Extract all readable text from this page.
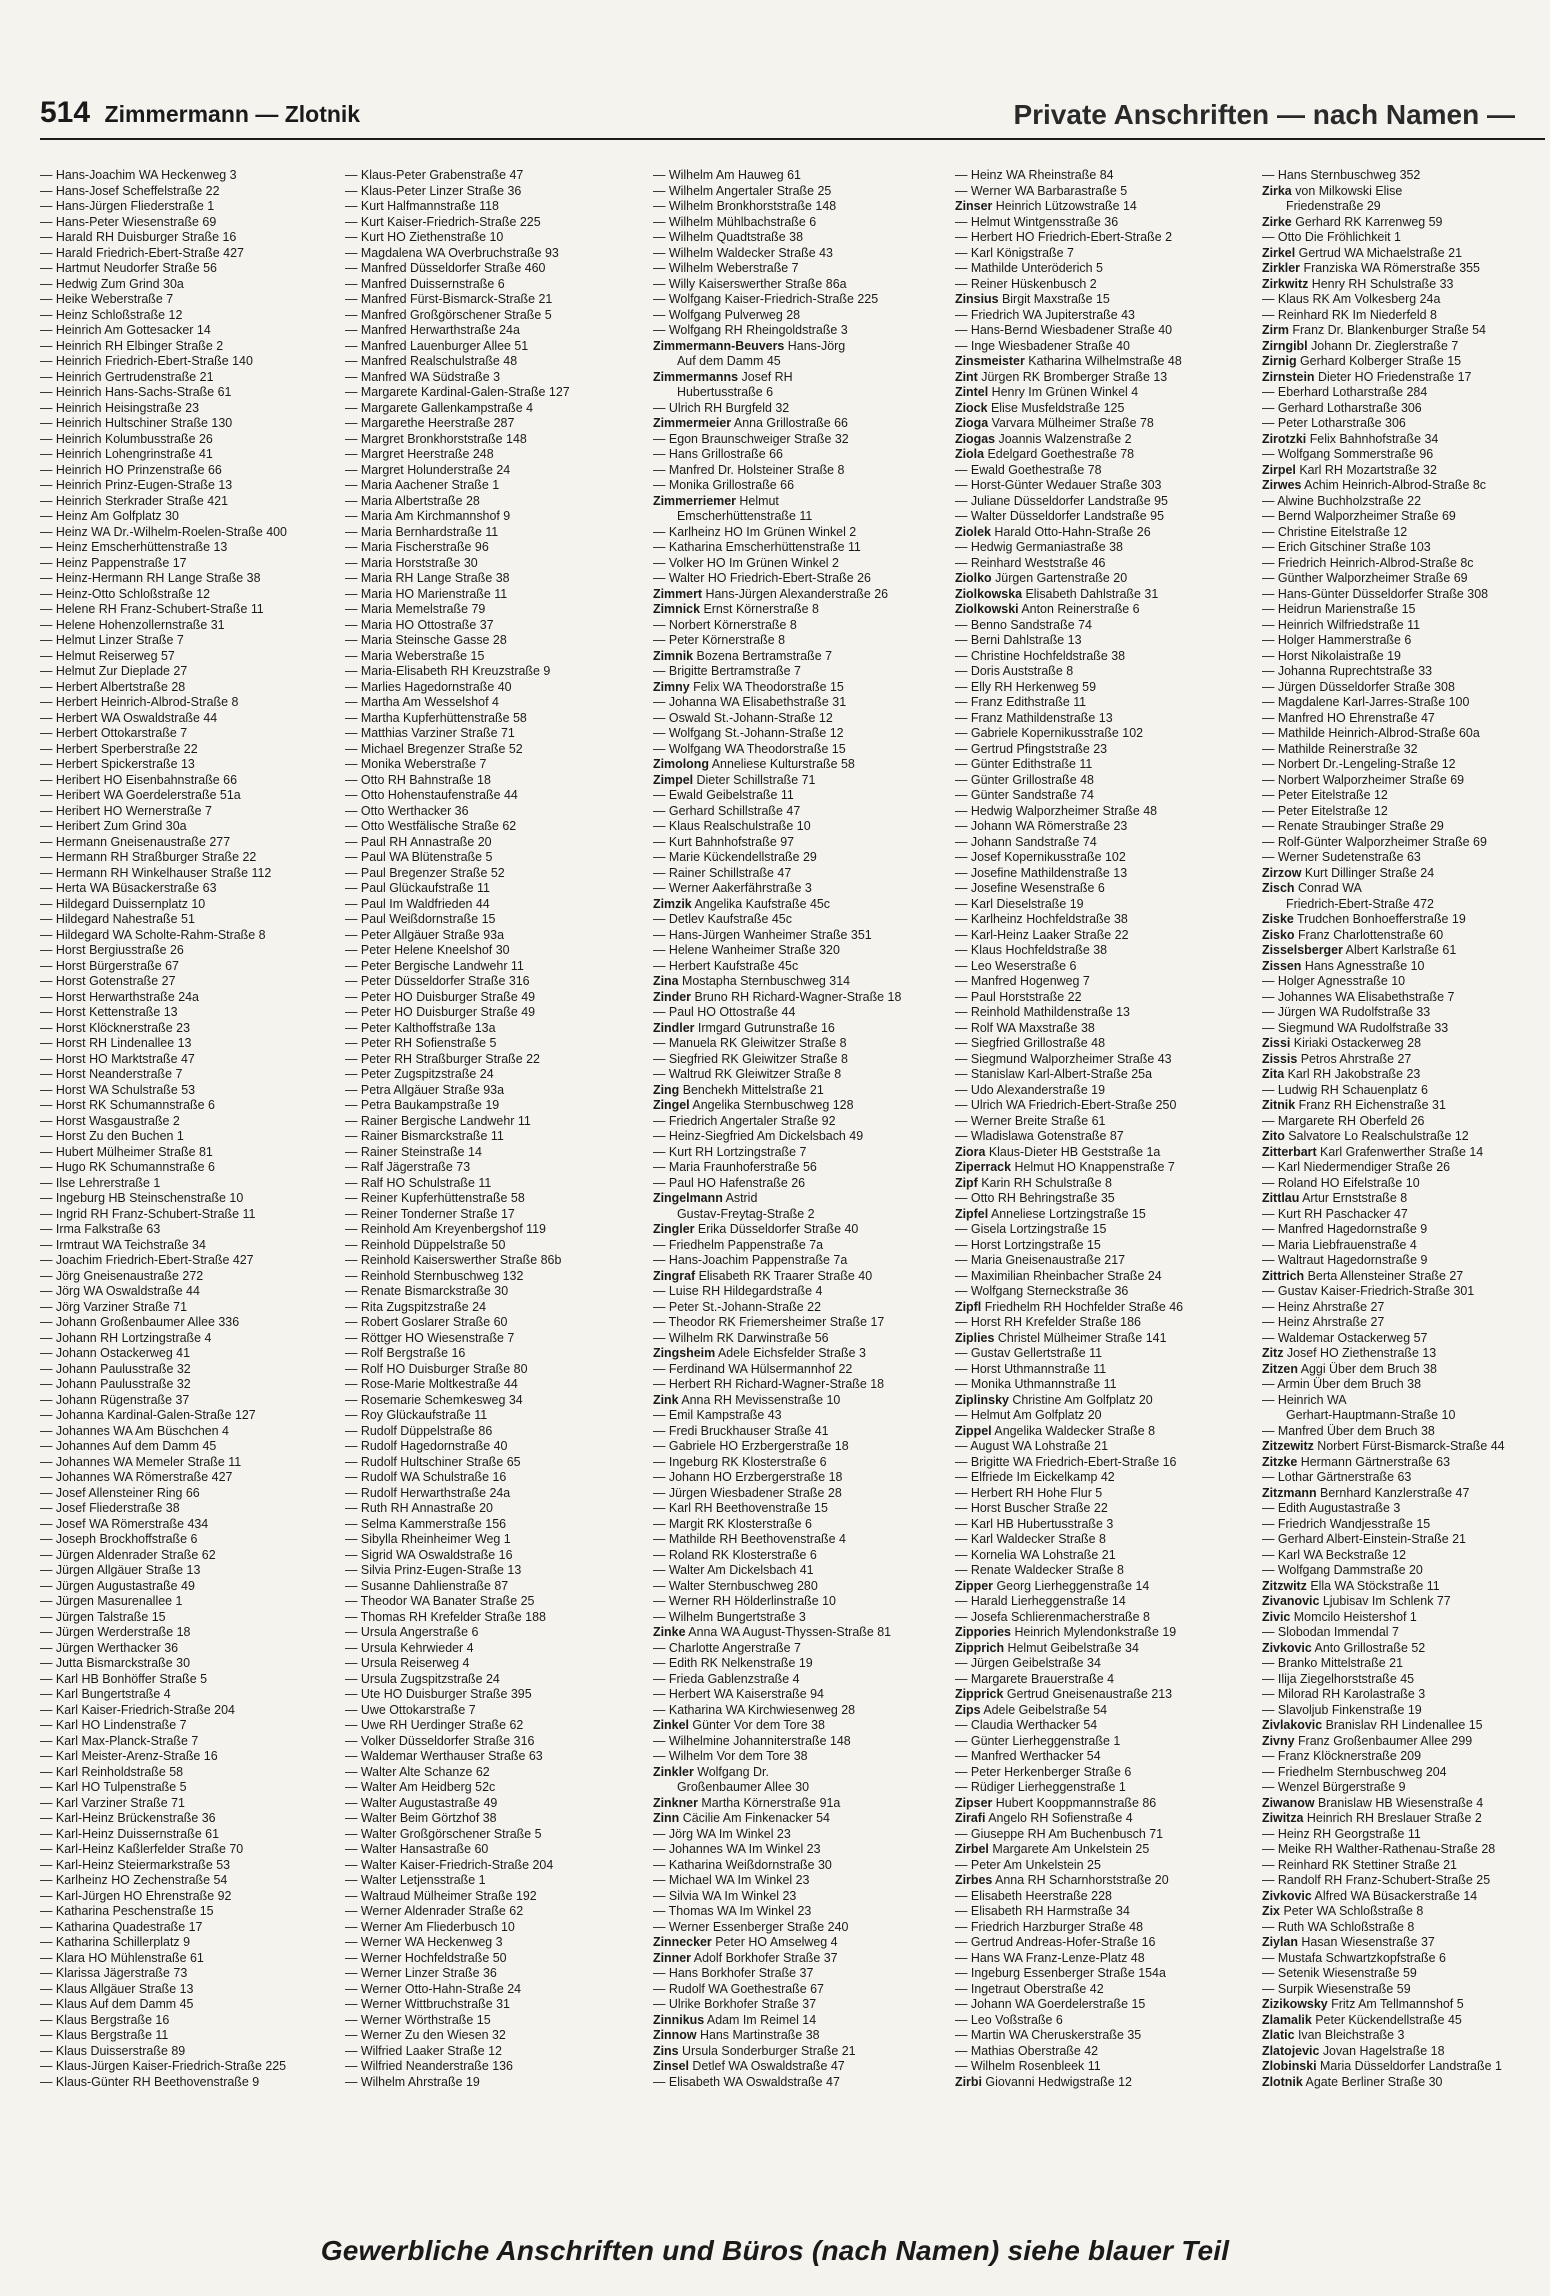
514 Zimmermann — Zlotnik	Private Anschriften — nach Namen —
— Hans-Joachim WA Heckenweg 3
— Hans-Josef Scheffelstraße 22
— Hans-Jürgen Fliederstraße 1
— Hans-Peter Wiesenstraße 69
— Harald RH Duisburger Straße 16
— Harald Friedrich-Ebert-Straße 427
— Hartmut Neudorfer Straße 56
— Hedwig Zum Grind 30a
— Heike Weberstraße 7
— Heinz Schloßstraße 12
— Heinrich Am Gottesacker 14
— Heinrich RH Elbinger Straße 2
— Heinrich Friedrich-Ebert-Straße 140
— Heinrich Gertrudenstraße 21
— Heinrich Hans-Sachs-Straße 61
— Heinrich Heisingstraße 23
— Heinrich Hultschiner Straße 130
— Heinrich Kolumbusstraße 26
— Heinrich Lohengrinstraße 41
— Heinrich HO Prinzenstraße 66
— Heinrich Prinz-Eugen-Straße 13
— Heinrich Sterkrader Straße 421
— Heinz Am Golfplatz 30
— Heinz WA Dr.-Wilhelm-Roelen-Straße 400
— Heinz Emscherhüttenstraße 13
— Heinz Pappenstraße 17
— Heinz-Hermann RH Lange Straße 38
— Heinz-Otto Schloßstraße 12
— Helene RH Franz-Schubert-Straße 11
— Helene Hohenzollernstraße 31
— Helmut Linzer Straße 7
— Helmut Reiserweg 57
— Helmut Zur Dieplade 27
— Herbert Albertstraße 28
— Herbert Heinrich-Albrod-Straße 8
— Herbert WA Oswaldstraße 44
— Herbert Ottokarstraße 7
— Herbert Sperberstraße 22
— Herbert Spickerstraße 13
— Heribert HO Eisenbahnstraße 66
— Heribert WA Goerdelerstraße 51a
— Heribert HO Wernerstraße 7
— Heribert Zum Grind 30a
— Hermann Gneisenaustraße 277
— Hermann RH Straßburger Straße 22
— Hermann RH Winkelhauser Straße 112
— Herta WA Büsackerstraße 63
— Hildegard Duissernplatz 10
— Hildegard Nahestraße 51
— Hildegard WA Scholte-Rahm-Straße 8
— Horst Bergiusstraße 26
— Horst Bürgerstraße 67
— Horst Gotenstraße 27
— Horst Herwarthstraße 24a
— Horst Kettenstraße 13
— Horst Klöcknerstraße 23
— Horst RH Lindenallee 13
— Horst HO Marktstraße 47
— Horst Neanderstraße 7
— Horst WA Schulstraße 53
— Horst RK Schumannstraße 6
— Horst Wasgaustraße 2
— Horst Zu den Buchen 1
— Hubert Mülheimer Straße 81
— Hugo RK Schumannstraße 6
— Ilse Lehrerstraße 1
— Ingeburg HB Steinschenstraße 10
— Ingrid RH Franz-Schubert-Straße 11
— Irma Falkstraße 63
— Irmtraut WA Teichstraße 34
— Joachim Friedrich-Ebert-Straße 427
— Jörg Gneisenaustraße 272
— Jörg WA Oswaldstraße 44
— Jörg Varziner Straße 71
— Johann Großenbaumer Allee 336
— Johann RH Lortzingstraße 4
— Johann Ostackerweg 41
— Johann Paulusstraße 32
— Johann Paulusstraße 32
— Johann Rügenstraße 37
— Johanna Kardinal-Galen-Straße 127
— Johannes WA Am Büschchen 4
— Johannes Auf dem Damm 45
— Johannes WA Memeler Straße 11
— Johannes WA Römerstraße 427
— Josef Allensteiner Ring 66
— Josef Fliederstraße 38
— Josef WA Römerstraße 434
— Joseph Brockhoffstraße 6
— Jürgen Aldenrader Straße 62
— Jürgen Allgäuer Straße 13
— Jürgen Augustastraße 49
— Jürgen Masurenallee 1
— Jürgen Talstraße 15
— Jürgen Werderstraße 18
— Jürgen Werthacker 36
— Jutta Bismarckstraße 30
— Karl HB Bonhöffer Straße 5
— Karl Bungertstraße 4
— Karl Kaiser-Friedrich-Straße 204
— Karl HO Lindenstraße 7
— Karl Max-Planck-Straße 7
— Karl Meister-Arenz-Straße 16
— Karl Reinholdstraße 58
— Karl HO Tulpenstraße 5
— Karl Varziner Straße 71
— Karl-Heinz Brückenstraße 36
— Karl-Heinz Duissernstraße 61
— Karl-Heinz Kaßlerfelder Straße 70
— Karl-Heinz Steiermarkstraße 53
— Karlheinz HO Zechenstraße 54
— Karl-Jürgen HO Ehrenstraße 92
— Katharina Peschenstraße 15
— Katharina Quadestraße 17
— Katharina Schillerplatz 9
— Klara HO Mühlenstraße 61
— Klarissa Jägerstraße 73
— Klaus Allgäuer Straße 13
— Klaus Auf dem Damm 45
— Klaus Bergstraße 16
— Klaus Bergstraße 11
— Klaus Duisserstraße 89
— Klaus-Jürgen Kaiser-Friedrich-Straße 225
— Klaus-Günter RH Beethovenstraße 9
— Klaus-Peter Grabenstraße 47
— Klaus-Peter Linzer Straße 36
— Kurt Halfmannstraße 118
— Kurt Kaiser-Friedrich-Straße 225
— Kurt HO Ziethenstraße 10
— Magdalena WA Overbruchstraße 93
— Manfred Düsseldorfer Straße 460
— Manfred Duissernstraße 6
— Manfred Fürst-Bismarck-Straße 21
— Manfred Großgörschener Straße 5
— Manfred Herwarthstraße 24a
— Manfred Lauenburger Allee 51
— Manfred Realschulstraße 48
— Manfred WA Südstraße 3
— Margarete Kardinal-Galen-Straße 127
— Margarete Gallenkampstraße 4
— Margarethe Heerstraße 287
— Margret Bronkhorststraße 148
— Margret Heerstraße 248
— Margret Holunderstraße 24
— Maria Aachener Straße 1
— Maria Albertstraße 28
— Maria Am Kirchmannshof 9
— Maria Bernhardstraße 11
— Maria Fischerstraße 96
— Maria Horststraße 30
— Maria RH Lange Straße 38
— Maria HO Marienstraße 11
— Maria Memelstraße 79
— Maria HO Ottostraße 37
— Maria Steinsche Gasse 28
— Maria Weberstraße 15
— Maria-Elisabeth RH Kreuzstraße 9
— Marlies Hagedornstraße 40
— Martha Am Wesselshof 4
— Martha Kupferhüttenstraße 58
— Matthias Varziner Straße 71
— Michael Bregenzer Straße 52
— Monika Weberstraße 7
— Otto RH Bahnstraße 18
— Otto Hohenstaufenstraße 44
— Otto Werthacker 36
— Otto Westfälische Straße 62
— Paul RH Annastraße 20
— Paul WA Blütenstraße 5
— Paul Bregenzer Straße 52
— Paul Glückaufstraße 11
— Paul Im Waldfrieden 44
— Paul Weißdornstraße 15
— Peter Allgäuer Straße 93a
— Peter Helene Kneelshof 30
— Peter Bergische Landwehr 11
— Peter Düsseldorfer Straße 316
— Peter HO Duisburger Straße 49
— Peter HO Duisburger Straße 49
— Peter Kalthoffstraße 13a
— Peter RH Sofienstraße 5
— Peter RH Straßburger Straße 22
— Peter Zugspitzstraße 24
— Petra Allgäuer Straße 93a
— Petra Baukampstraße 19
— Rainer Bergische Landwehr 11
— Rainer Bismarckstraße 11
— Rainer Steinstraße 14
— Ralf Jägerstraße 73
— Ralf HO Schulstraße 11
— Reiner Kupferhüttenstraße 58
— Reiner Tonderner Straße 17
— Reinhold Am Kreyenbergshof 119
— Reinhold Düppelstraße 50
— Reinhold Kaiserswerther Straße 86b
— Reinhold Sternbuschweg 132
— Renate Bismarckstraße 30
— Rita Zugspitzstraße 24
— Robert Goslarer Straße 60
— Röttger HO Wiesenstraße 7
— Rolf Bergstraße 16
— Rolf HO Duisburger Straße 80
— Rose-Marie Moltkestraße 44
— Rosemarie Schemkesweg 34
— Roy Glückaufstraße 11
— Rudolf Düppelstraße 86
— Rudolf Hagedornstraße 40
— Rudolf Hultschiner Straße 65
— Rudolf WA Schulstraße 16
— Rudolf Herwarthstraße 24a
— Ruth RH Annastraße 20
— Selma Kammerstraße 156
— Sibylla Rheinheimer Weg 1
— Sigrid WA Oswaldstraße 16
— Silvia Prinz-Eugen-Straße 13
— Susanne Dahlienstraße 87
— Theodor WA Banater Straße 25
— Thomas RH Krefelder Straße 188
— Ursula Angerstraße 6
— Ursula Kehrwieder 4
— Ursula Reiserweg 4
— Ursula Zugspitzstraße 24
— Ute HO Duisburger Straße 395
— Uwe Ottokarstraße 7
— Uwe RH Uerdinger Straße 62
— Volker Düsseldorfer Straße 316
— Waldemar Werthauser Straße 63
— Walter Alte Schanze 62
— Walter Am Heidberg 52c
— Walter Augustastraße 49
— Walter Beim Görtzhof 38
— Walter Großgörschener Straße 5
— Walter Hansastraße 60
— Walter Kaiser-Friedrich-Straße 204
— Walter Letjensstraße 1
— Waltraud Mülheimer Straße 192
— Werner Aldenrader Straße 62
— Werner Am Fliederbusch 10
— Werner WA Heckenweg 3
— Werner Hochfeldstraße 50
— Werner Linzer Straße 36
— Werner Otto-Hahn-Straße 24
— Werner Wittbruchstraße 31
— Werner Wörthstraße 15
— Werner Zu den Wiesen 32
— Wilfried Laaker Straße 12
— Wilfried Neanderstraße 136
— Wilhelm Ahrstraße 19
— Wilhelm Am Hauweg 61
— Wilhelm Angertaler Straße 25
— Wilhelm Bronkhorststraße 148
— Wilhelm Mühlbachstraße 6
— Wilhelm Quadtstraße 38
— Wilhelm Waldecker Straße 43
— Wilhelm Weberstraße 7
— Willy Kaiserswerther Straße 86a
— Wolfgang Kaiser-Friedrich-Straße 225
— Wolfgang Pulverweg 28
— Wolfgang RH Rheingoldstraße 3
Zimmermann-Beuvers Hans-Jörg
Auf dem Damm 45
Zimmermanns Josef RH
Hubertusstraße 6
— Ulrich RH Burgfeld 32
Zimmermeier Anna Grillostraße 66
— Egon Braunschweiger Straße 32
— Hans Grillostraße 66
— Manfred Dr. Holsteiner Straße 8
— Monika Grillostraße 66
Zimmerriemer Helmut
Emscherhüttenstraße 11
— Karlheinz HO Im Grünen Winkel 2
— Katharina Emscherhüttenstraße 11
— Volker HO Im Grünen Winkel 2
— Walter HO Friedrich-Ebert-Straße 26
Zimmert Hans-Jürgen Alexanderstraße 26
Zimnick Ernst Körnerstraße 8
— Norbert Körnerstraße 8
— Peter Körnerstraße 8
Zimnik Bozena Bertramstraße 7
— Brigitte Bertramstraße 7
Zimny Felix WA Theodorstraße 15
— Johanna WA Elisabethstraße 31
— Oswald St.-Johann-Straße 12
— Wolfgang St.-Johann-Straße 12
— Wolfgang WA Theodorstraße 15
Zimolong Anneliese Kulturstraße 58
Zimpel Dieter Schillstraße 71
— Ewald Geibelstraße 11
— Gerhard Schillstraße 47
— Klaus Realschulstraße 10
— Kurt Bahnhofstraße 97
— Marie Kückendellstraße 29
— Rainer Schillstraße 47
— Werner Aakerfährstraße 3
Zimzik Angelika Kaufstraße 45c
— Detlev Kaufstraße 45c
— Hans-Jürgen Wanheimer Straße 351
— Helene Wanheimer Straße 320
— Herbert Kaufstraße 45c
Zina Mostapha Sternbuschweg 314
Zinder Bruno RH Richard-Wagner-Straße 18
— Paul HO Ottostraße 44
Zindler Irmgard Gutrunstraße 16
— Manuela RK Gleiwitzer Straße 8
— Siegfried RK Gleiwitzer Straße 8
— Waltrud RK Gleiwitzer Straße 8
Zing Benchekh Mittelstraße 21
Zingel Angelika Sternbuschweg 128
— Friedrich Angertaler Straße 92
— Heinz-Siegfried Am Dickelsbach 49
— Kurt RH Lortzingstraße 7
— Maria Fraunhoferstraße 56
— Paul HO Hafenstraße 26
Zingelmann Astrid
Gustav-Freytag-Straße 2
Zingler Erika Düsseldorfer Straße 40
— Friedhelm Pappenstraße 7a
— Hans-Joachim Pappenstraße 7a
Zingraf Elisabeth RK Traarer Straße 40
— Luise RH Hildegardstraße 4
— Peter St.-Johann-Straße 22
— Theodor RK Friemersheimer Straße 17
— Wilhelm RK Darwinstraße 56
Zingsheim Adele Eichsfelder Straße 3
— Ferdinand WA Hülsermannhof 22
— Herbert RH Richard-Wagner-Straße 18
Zink Anna RH Mevissenstraße 10
— Emil Kampstraße 43
— Fredi Bruckhauser Straße 41
— Gabriele HO Erzbergerstraße 18
— Ingeburg RK Klosterstraße 6
— Johann HO Erzbergerstraße 18
— Jürgen Wiesbadener Straße 28
— Karl RH Beethovenstraße 15
— Margit RK Klosterstraße 6
— Mathilde RH Beethovenstraße 4
— Roland RK Klosterstraße 6
— Walter Am Dickelsbach 41
— Walter Sternbuschweg 280
— Werner RH Hölderlinstraße 10
— Wilhelm Bungertstraße 3
Zinke Anna WA August-Thyssen-Straße 81
— Charlotte Angerstraße 7
— Edith RK Nelkenstraße 19
— Frieda Gablenzstraße 4
— Herbert WA Kaiserstraße 94
— Katharina WA Kirchwiesenweg 28
Zinkel Günter Vor dem Tore 38
— Wilhelmine Johanniterstraße 148
— Wilhelm Vor dem Tore 38
Zinkler Wolfgang Dr.
Großenbaumer Allee 30
Zinkner Martha Körnerstraße 91a
Zinn Cäcilie Am Finkenacker 54
— Jörg WA Im Winkel 23
— Johannes WA Im Winkel 23
— Katharina Weißdornstraße 30
— Michael WA Im Winkel 23
— Silvia WA Im Winkel 23
— Thomas WA Im Winkel 23
— Werner Essenberger Straße 240
Zinnecker Peter HO Amselweg 4
Zinner Adolf Borkhofer Straße 37
— Hans Borkhofer Straße 37
— Rudolf WA Goethestraße 67
— Ulrike Borkhofer Straße 37
Zinnikus Adam Im Reimel 14
Zinnow Hans Martinstraße 38
Zins Ursula Sonderburger Straße 21
Zinsel Detlef WA Oswaldstraße 47
— Elisabeth WA Oswaldstraße 47
— Heinz WA Rheinstraße 84
— Werner WA Barbarastraße 5
Zinser Heinrich Lützowstraße 14
— Helmut Wintgensstraße 36
— Herbert HO Friedrich-Ebert-Straße 2
— Karl Königstraße 7
— Mathilde Unteröderich 5
— Reiner Hüskenbusch 2
Zinsius Birgit Maxstraße 15
— Friedrich WA Jupiterstraße 43
— Hans-Bernd Wiesbadener Straße 40
— Inge Wiesbadener Straße 40
Zinsmeister Katharina Wilhelmstraße 48
Zint Jürgen RK Bromberger Straße 13
Zintel Henry Im Grünen Winkel 4
Ziock Elise Musfeldstraße 125
Zioga Varvara Mülheimer Straße 78
Ziogas Joannis Walzenstraße 2
Ziola Edelgard Goethestraße 78
— Ewald Goethestraße 78
— Horst-Günter Wedauer Straße 303
— Juliane Düsseldorfer Landstraße 95
— Walter Düsseldorfer Landstraße 95
Ziolek Harald Otto-Hahn-Straße 26
— Hedwig Germaniastraße 38
— Reinhard Weststraße 46
Ziolko Jürgen Gartenstraße 20
Ziolkowska Elisabeth Dahlstraße 31
Ziolkowski Anton Reinerstraße 6
— Benno Sandstraße 74
— Berni Dahlstraße 13
— Christine Hochfeldstraße 38
— Doris Auststraße 8
— Elly RH Herkenweg 59
— Franz Edithstraße 11
— Franz Mathildenstraße 13
— Gabriele Kopernikusstraße 102
— Gertrud Pfingststraße 23
— Günter Edithstraße 11
— Günter Grillostraße 48
— Günter Sandstraße 74
— Hedwig Walporzheimer Straße 48
— Johann WA Römerstraße 23
— Johann Sandstraße 74
— Josef Kopernikusstraße 102
— Josefine Mathildenstraße 13
— Josefine Wesenstraße 6
— Karl Dieselstraße 19
— Karlheinz Hochfeldstraße 38
— Karl-Heinz Laaker Straße 22
— Klaus Hochfeldstraße 38
— Leo Weserstraße 6
— Manfred Hogenweg 7
— Paul Horststraße 22
— Reinhold Mathildenstraße 13
— Rolf WA Maxstraße 38
— Siegfried Grillostraße 48
— Siegmund Walporzheimer Straße 43
— Stanislaw Karl-Albert-Straße 25a
— Udo Alexanderstraße 19
— Ulrich WA Friedrich-Ebert-Straße 250
— Werner Breite Straße 61
— Wladislawa Gotenstraße 87
Ziora Klaus-Dieter HB Geststraße 1a
Ziperrack Helmut HO Knappenstraße 7
Zipf Karin RH Schulstraße 8
— Otto RH Behringstraße 35
Zipfel Anneliese Lortzingstraße 15
— Gisela Lortzingstraße 15
— Horst Lortzingstraße 15
— Maria Gneisenaustraße 217
— Maximilian Rheinbacher Straße 24
— Wolfgang Sterneckstraße 36
Zipfl Friedhelm RH Hochfelder Straße 46
— Horst RH Krefelder Straße 186
Ziplies Christel Mülheimer Straße 141
— Gustav Gellertstraße 11
— Horst Uthmannstraße 11
— Monika Uthmannstraße 11
Ziplinsky Christine Am Golfplatz 20
— Helmut Am Golfplatz 20
Zippel Angelika Waldecker Straße 8
— August WA Lohstraße 21
— Brigitte WA Friedrich-Ebert-Straße 16
— Elfriede Im Eickelkamp 42
— Herbert RH Hohe Flur 5
— Horst Buscher Straße 22
— Karl HB Hubertusstraße 3
— Karl Waldecker Straße 8
— Kornelia WA Lohstraße 21
— Renate Waldecker Straße 8
Zipper Georg Lierheggenstraße 14
— Harald Lierheggenstraße 14
— Josefa Schlierenmacherstraße 8
Zippories Heinrich Mylendonkstraße 19
Zipprich Helmut Geibelstraße 34
— Jürgen Geibelstraße 34
— Margarete Brauerstraße 4
Zipprick Gertrud Gneisenaustraße 213
Zips Adele Geibelstraße 54
— Claudia Werthacker 54
— Günter Lierheggenstraße 1
— Manfred Werthacker 54
— Peter Herkenberger Straße 6
— Rüdiger Lierheggenstraße 1
Zipser Hubert Kooppmannstraße 86
Zirafi Angelo RH Sofienstraße 4
— Giuseppe RH Am Buchenbusch 71
Zirbel Margarete Am Unkelstein 25
— Peter Am Unkelstein 25
Zirbes Anna RH Scharnhorststraße 20
— Elisabeth Heerstraße 228
— Elisabeth RH Harmstraße 34
— Friedrich Harzburger Straße 48
— Gertrud Andreas-Hofer-Straße 16
— Hans WA Franz-Lenze-Platz 48
— Ingeburg Essenberger Straße 154a
— Ingetraut Oberstraße 42
— Johann WA Goerdelerstraße 15
— Leo Voßstraße 6
— Martin WA Cheruskerstraße 35
— Mathias Oberstraße 42
— Wilhelm Rosenbleek 11
Zirbi Giovanni Hedwigstraße 12
— Hans Sternbuschweg 352
Zirka von Milkowski Elise
Friedenstraße 29
Zirke Gerhard RK Karrenweg 59
— Otto Die Fröhlichkeit 1
Zirkel Gertrud WA Michaelstraße 21
Zirkler Franziska WA Römerstraße 355
Zirkwitz Henry RH Schulstraße 33
— Klaus RK Am Volkesberg 24a
— Reinhard RK Im Niederfeld 8
Zirm Franz Dr. Blankenburger Straße 54
Zirngibl Johann Dr. Zieglerstraße 7
Zirnig Gerhard Kolberger Straße 15
Zirnstein Dieter HO Friedenstraße 17
— Eberhard Lotharstraße 284
— Gerhard Lotharstraße 306
— Peter Lotharstraße 306
Zirotzki Felix Bahnhofstraße 34
— Wolfgang Sommerstraße 96
Zirpel Karl RH Mozartstraße 32
Zirwes Achim Heinrich-Albrod-Straße 8c
— Alwine Buchholzstraße 22
— Bernd Walporzheimer Straße 69
— Christine Eitelstraße 12
— Erich Gitschiner Straße 103
— Friedrich Heinrich-Albrod-Straße 8c
— Günther Walporzheimer Straße 69
— Hans-Günter Düsseldorfer Straße 308
— Heidrun Marienstraße 15
— Heinrich Wilfriedstraße 11
— Holger Hammerstraße 6
— Horst Nikolaistraße 19
— Johanna Ruprechtstraße 33
— Jürgen Düsseldorfer Straße 308
— Magdalene Karl-Jarres-Straße 100
— Manfred HO Ehrenstraße 47
— Mathilde Heinrich-Albrod-Straße 60a
— Mathilde Reinerstraße 32
— Norbert Dr.-Lengeling-Straße 12
— Norbert Walporzheimer Straße 69
— Peter Eitelstraße 12
— Peter Eitelstraße 12
— Renate Straubinger Straße 29
— Rolf-Günter Walporzheimer Straße 69
— Werner Sudetenstraße 63
Zirzow Kurt Dillinger Straße 24
Zisch Conrad WA
Friedrich-Ebert-Straße 472
Ziske Trudchen Bonhoefferstraße 19
Zisko Franz Charlottenstraße 60
Zisselsberger Albert Karlstraße 61
Zissen Hans Agnesstraße 10
— Holger Agnesstraße 10
— Johannes WA Elisabethstraße 7
— Jürgen WA Rudolfstraße 33
— Siegmund WA Rudolfstraße 33
Zissi Kiriaki Ostackerweg 28
Zissis Petros Ahrstraße 27
Zita Karl RH Jakobstraße 23
— Ludwig RH Schauenplatz 6
Zitnik Franz RH Eichenstraße 31
— Margarete RH Oberfeld 26
Zito Salvatore Lo Realschulstraße 12
Zitterbart Karl Grafenwerther Straße 14
— Karl Niedermendiger Straße 26
— Roland HO Eifelstraße 10
Zittlau Artur Ernststraße 8
— Kurt RH Paschacker 47
— Manfred Hagedornstraße 9
— Maria Liebfrauenstraße 4
— Waltraut Hagedornstraße 9
Zittrich Berta Allensteiner Straße 27
— Gustav Kaiser-Friedrich-Straße 301
— Heinz Ahrstraße 27
— Heinz Ahrstraße 27
— Waldemar Ostackerweg 57
Zitz Josef HO Ziethenstraße 13
Zitzen Aggi Über dem Bruch 38
— Armin Über dem Bruch 38
— Heinrich WA
Gerhart-Hauptmann-Straße 10
— Manfred Über dem Bruch 38
Zitzewitz Norbert Fürst-Bismarck-Straße 44
Zitzke Hermann Gärtnerstraße 63
— Lothar Gärtnerstraße 63
Zitzmann Bernhard Kanzlerstraße 47
— Edith Augustastraße 3
— Friedrich Wandjesstraße 15
— Gerhard Albert-Einstein-Straße 21
— Karl WA Beckstraße 12
— Wolfgang Dammstraße 20
Zitzwitz Ella WA Stöckstraße 11
Zivanovic Ljubisav Im Schlenk 77
Zivic Momcilo Heistershof 1
— Slobodan Immendal 7
Zivkovic Anto Grillostraße 52
— Branko Mittelstraße 21
— Ilija Ziegelhorststraße 45
— Milorad RH Karolastraße 3
— Slavoljub Finkenstraße 19
Zivlakovic Branislav RH Lindenallee 15
Zivny Franz Großenbaumer Allee 299
— Franz Klöcknerstraße 209
— Friedhelm Sternbuschweg 204
— Wenzel Bürgerstraße 9
Ziwanow Branislaw HB Wiesenstraße 4
Ziwitza Heinrich RH Breslauer Straße 2
— Heinz RH Georgstraße 11
— Meike RH Walther-Rathenau-Straße 28
— Reinhard RK Stettiner Straße 21
— Randolf RH Franz-Schubert-Straße 25
Zivkovic Alfred WA Büsackerstraße 14
Zix Peter WA Schloßstraße 8
— Ruth WA Schloßstraße 8
Ziylan Hasan Wiesenstraße 37
— Mustafa Schwartzkopfstraße 6
— Setenik Wiesenstraße 59
— Surpik Wiesenstraße 59
Zizikowsky Fritz Am Tellmannshof 5
Zlamalik Peter Kückendellstraße 45
Zlatic Ivan Bleichstraße 3
Zlatojevic Jovan Hagelstraße 18
Zlobinski Maria Düsseldorfer Landstraße 1
Zlotnik Agate Berliner Straße 30
Gewerbliche Anschriften und Büros (nach Namen) siehe blauer Teil
